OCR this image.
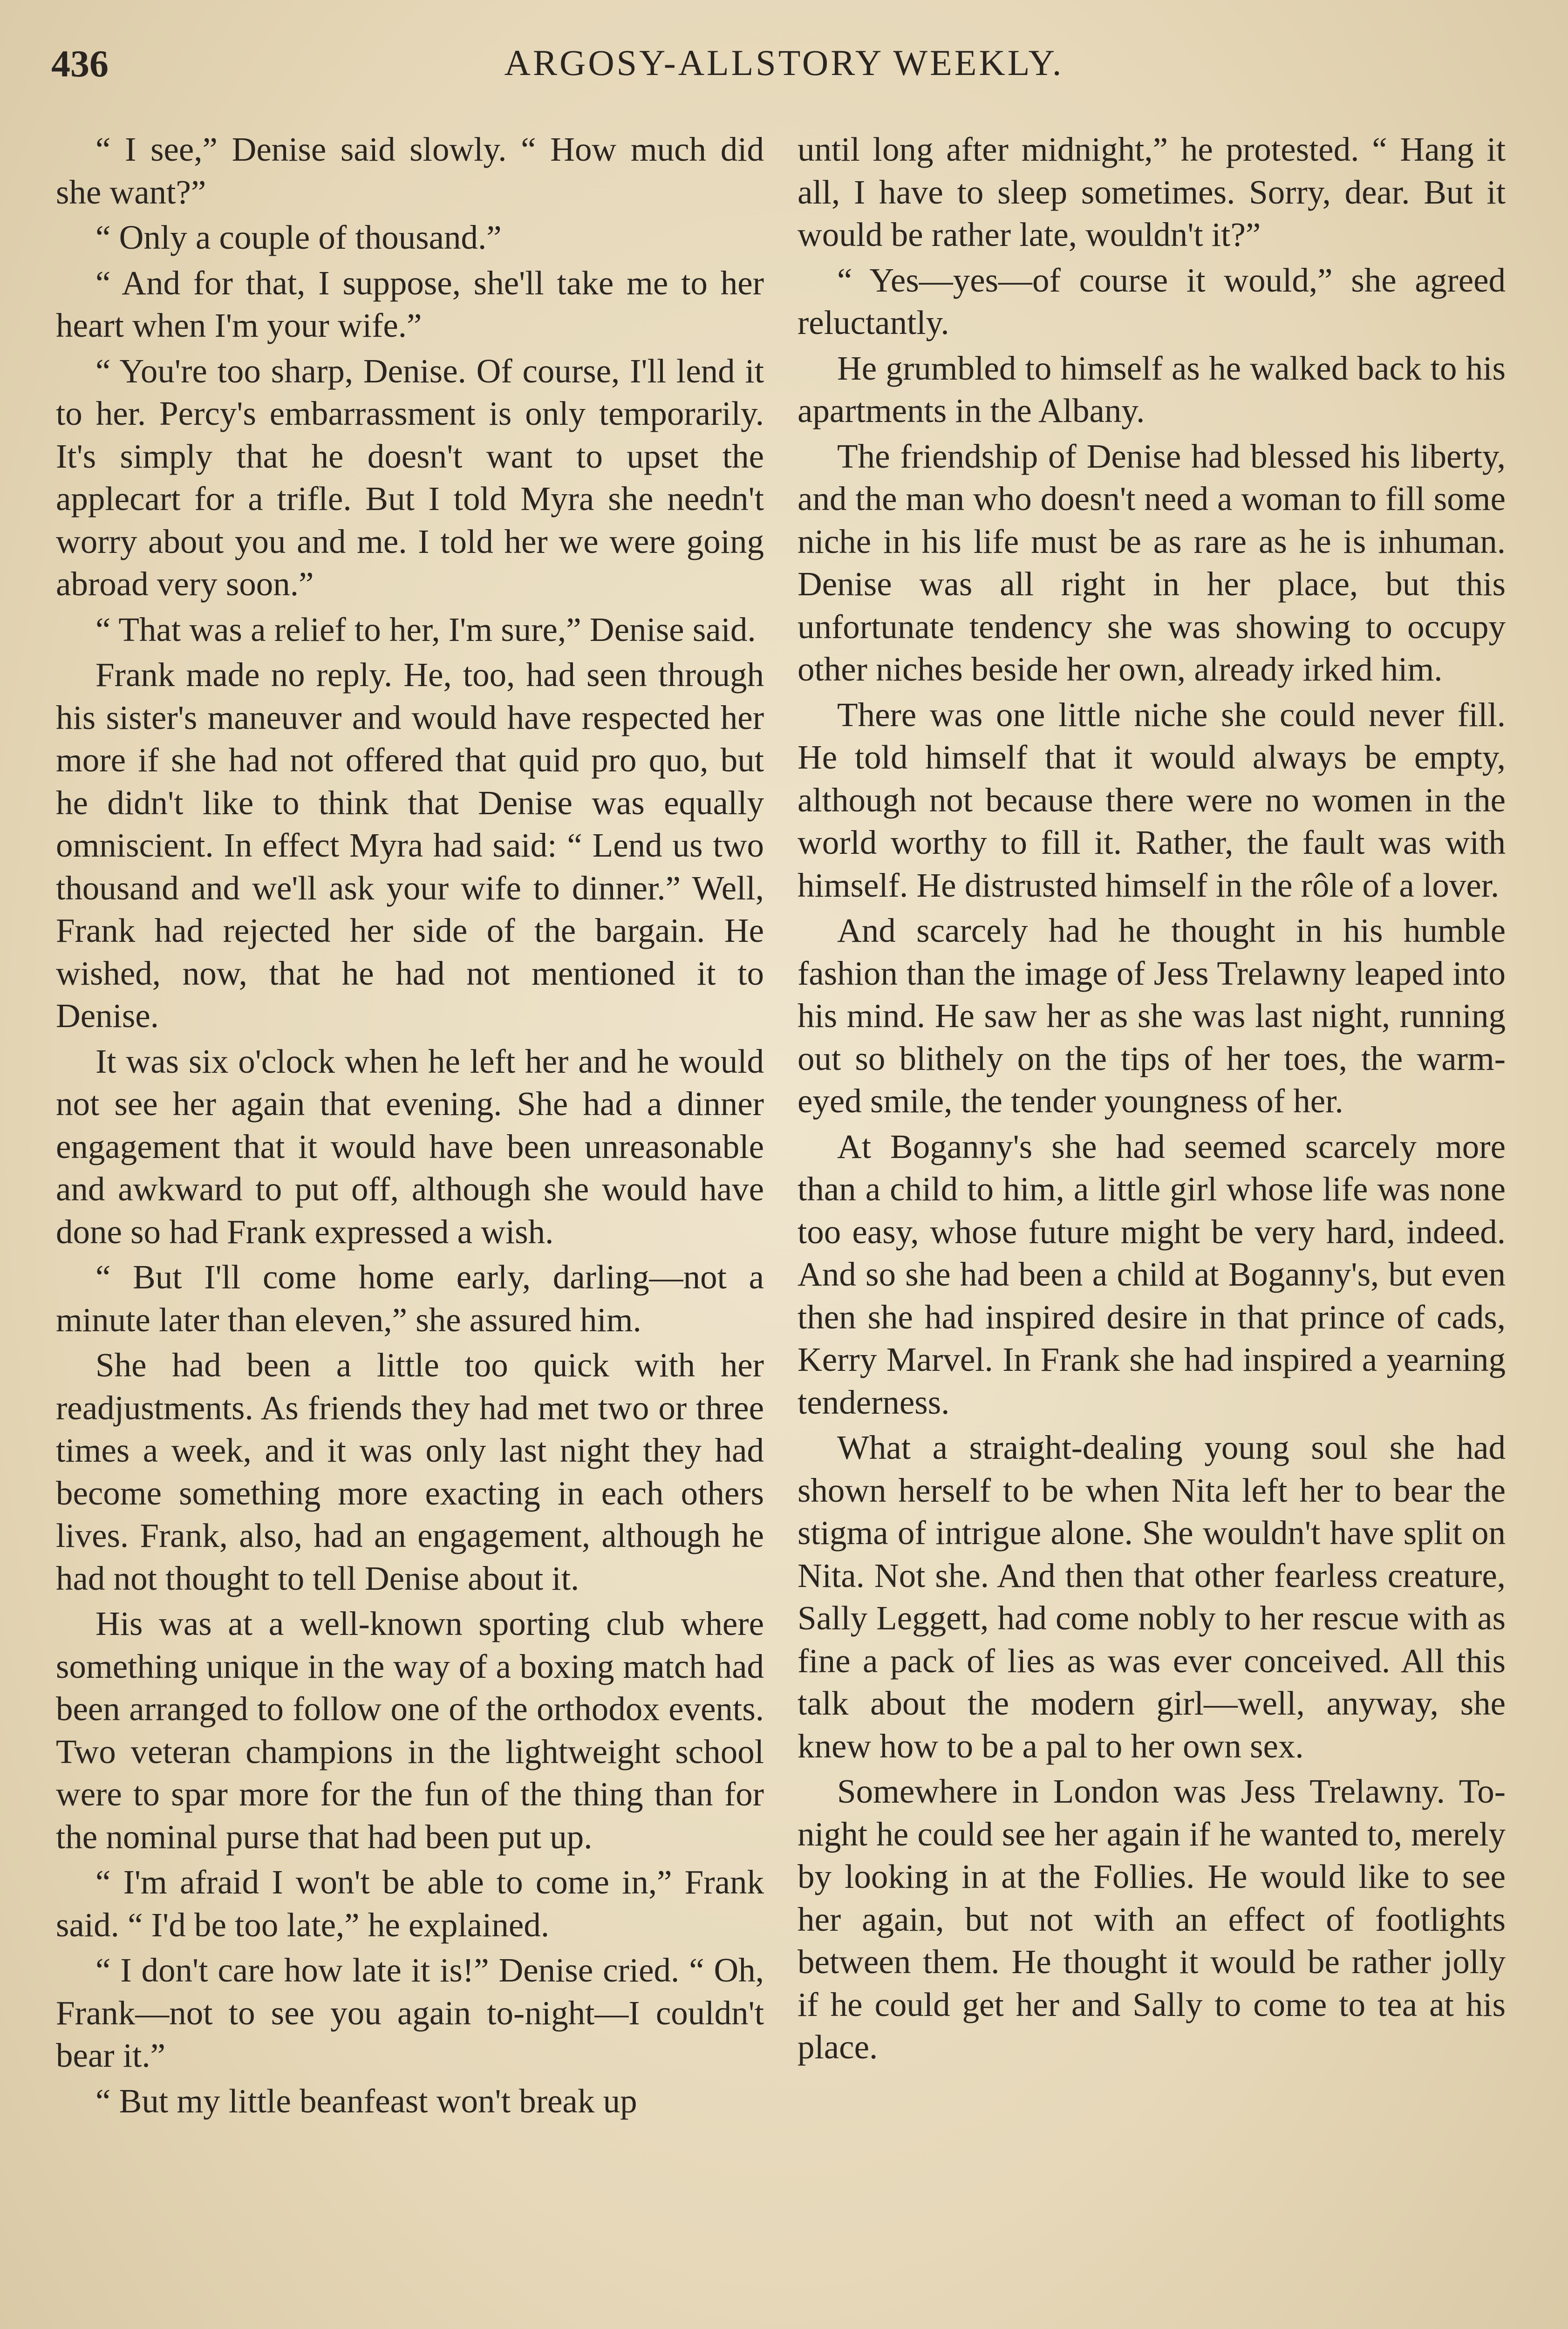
436	ARGOSY-ALLSTORY WEEKLY.

“ I see,” Denise said slowly. “ How much did she want?”

“ Only a couple of thousand.”

“ And for that, I suppose, she'll take me to her heart when I'm your wife.”

“ You're too sharp, Denise. Of course, I'll lend it to her. Percy's embarrassment is only temporarily. It's simply that he doesn't want to upset the applecart for a trifle. But I told Myra she needn't worry about you and me. I told her we were going abroad very soon.”

“ That was a relief to her, I'm sure,” Denise said.

Frank made no reply. He, too, had seen through his sister's maneuver and would have respected her more if she had not offered that quid pro quo, but he didn't like to think that Denise was equally omniscient. In effect Myra had said: “ Lend us two thousand and we'll ask your wife to dinner.” Well, Frank had rejected her side of the bargain. He wished, now, that he had not mentioned it to Denise.

It was six o'clock when he left her and he would not see her again that evening. She had a dinner engagement that it would have been unreasonable and awkward to put off, although she would have done so had Frank expressed a wish.

“ But I'll come home early, darling—not a minute later than eleven,” she assured him.

She had been a little too quick with her readjustments. As friends they had met two or three times a week, and it was only last night they had become something more exacting in each others lives. Frank, also, had an engagement, although he had not thought to tell Denise about it.

His was at a well-known sporting club where something unique in the way of a boxing match had been arranged to follow one of the orthodox events. Two veteran champions in the lightweight school were to spar more for the fun of the thing than for the nominal purse that had been put up.

“ I'm afraid I won't be able to come in,” Frank said. “ I'd be too late,” he explained.

“ I don't care how late it is!” Denise cried. “ Oh, Frank—not to see you again to-night—I couldn't bear it.”

“ But my little beanfeast won't break up

until long after midnight,” he protested. “ Hang it all, I have to sleep sometimes. Sorry, dear. But it would be rather late, wouldn't it?”

“ Yes—yes—of course it would,” she agreed reluctantly.

He grumbled to himself as he walked back to his apartments in the Albany.

The friendship of Denise had blessed his liberty, and the man who doesn't need a woman to fill some niche in his life must be as rare as he is inhuman. Denise was all right in her place, but this unfortunate tendency she was showing to occupy other niches beside her own, already irked him.

There was one little niche she could never fill. He told himself that it would always be empty, although not because there were no women in the world worthy to fill it. Rather, the fault was with himself. He distrusted himself in the rôle of a lover.

And scarcely had he thought in his humble fashion than the image of Jess Trelawny leaped into his mind. He saw her as she was last night, running out so blithely on the tips of her toes, the warm-eyed smile, the tender youngness of her.

At Boganny's she had seemed scarcely more than a child to him, a little girl whose life was none too easy, whose future might be very hard, indeed. And so she had been a child at Boganny's, but even then she had inspired desire in that prince of cads, Kerry Marvel. In Frank she had inspired a yearning tenderness.

What a straight-dealing young soul she had shown herself to be when Nita left her to bear the stigma of intrigue alone. She wouldn't have split on Nita. Not she. And then that other fearless creature, Sally Leggett, had come nobly to her rescue with as fine a pack of lies as was ever conceived. All this talk about the modern girl—well, anyway, she knew how to be a pal to her own sex.

Somewhere in London was Jess Trelawny. To-night he could see her again if he wanted to, merely by looking in at the Follies. He would like to see her again, but not with an effect of footlights between them. He thought it would be rather jolly if he could get her and Sally to come to tea at his place.
